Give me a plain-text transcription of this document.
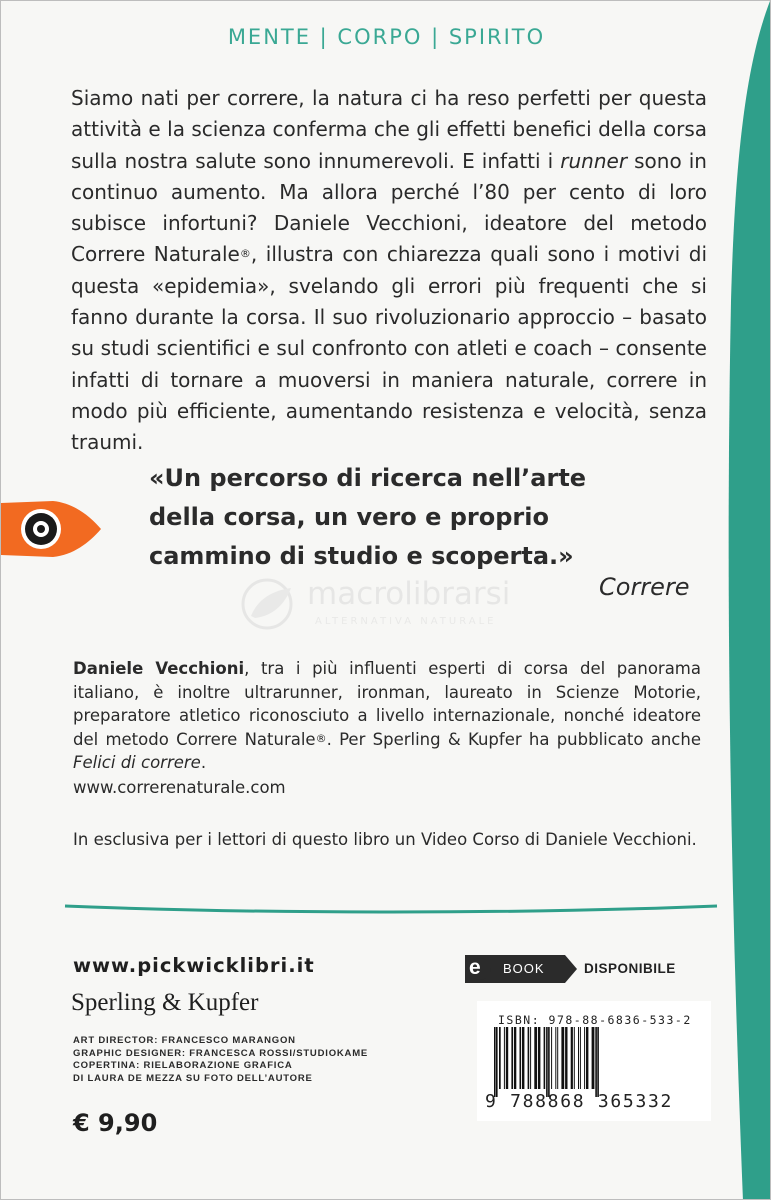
MENTE | CORPO | SPIRITO

Siamo nati per correre, la natura ci ha reso perfetti per questa attività e la scienza conferma che gli effetti benefici della corsa sulla nostra salute sono innumerevoli. E infatti i runner sono in continuo aumento. Ma allora perché l’80 per cento di loro subisce infortuni? Daniele Vecchioni, ideatore del metodo Correre Naturale®, illustra con chiarezza quali sono i motivi di questa «epidemia», svelando gli errori più frequenti che si fanno durante la corsa. Il suo rivoluzionario approccio – basato su studi scientifici e sul confronto con atleti e coach – consente infatti di tornare a muoversi in maniera naturale, correre in modo più efficiente, aumentando resistenza e velocità, senza traumi.

«Un percorso di ricerca nell’arte della corsa, un vero e proprio cammino di studio e scoperta.»

Correre
macrolibrarsi
ALTERNATIVA NATURALE

Daniele Vecchioni, tra i più influenti esperti di corsa del panorama italiano, è inoltre ultrarunner, ironman, laureato in Scienze Motorie, preparatore atletico riconosciuto a livello internazionale, nonché ideatore del metodo Correre Naturale®. Per Sperling & Kupfer ha pubblicato anche Felici di correre.

www.correrenaturale.com

In esclusiva per i lettori di questo libro un Video Corso di Daniele Vecchioni.

www.pickwicklibri.it
Sperling & Kupfer
e BOOK	DISPONIBILE
ART DIRECTOR: FRANCESCO MARANGON
GRAPHIC DESIGNER: FRANCESCA ROSSI/STUDIOKAME
COPERTINA: RIELABORAZIONE GRAFICA
DI LAURA DE MEZZA SU FOTO DELL’AUTORE
€ 9,90
ISBN: 978-88-6836-533-2
9 788868 365332
